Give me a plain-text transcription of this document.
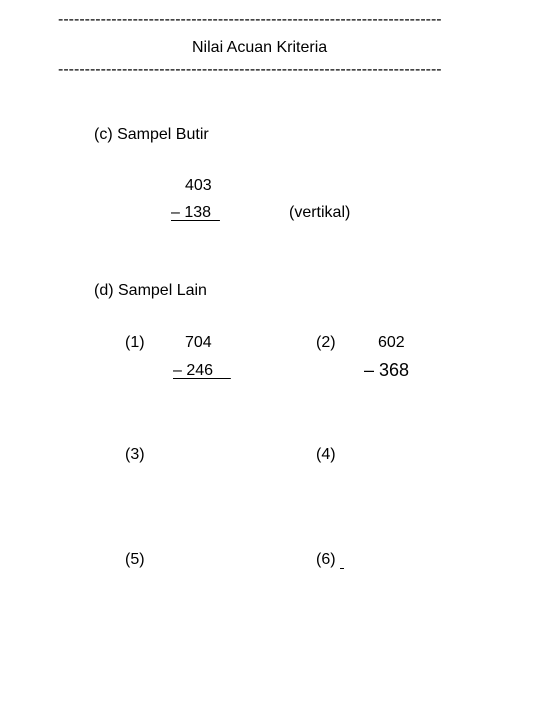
------------------------------------------------------------------------
Nilai Acuan Kriteria
------------------------------------------------------------------------
(c) Sampel Butir
403
– 138	(vertikal)
(d) Sampel Lain
(1)	704
– 246
(2)	602
– 368
(3)	(4)
(5)	(6)
